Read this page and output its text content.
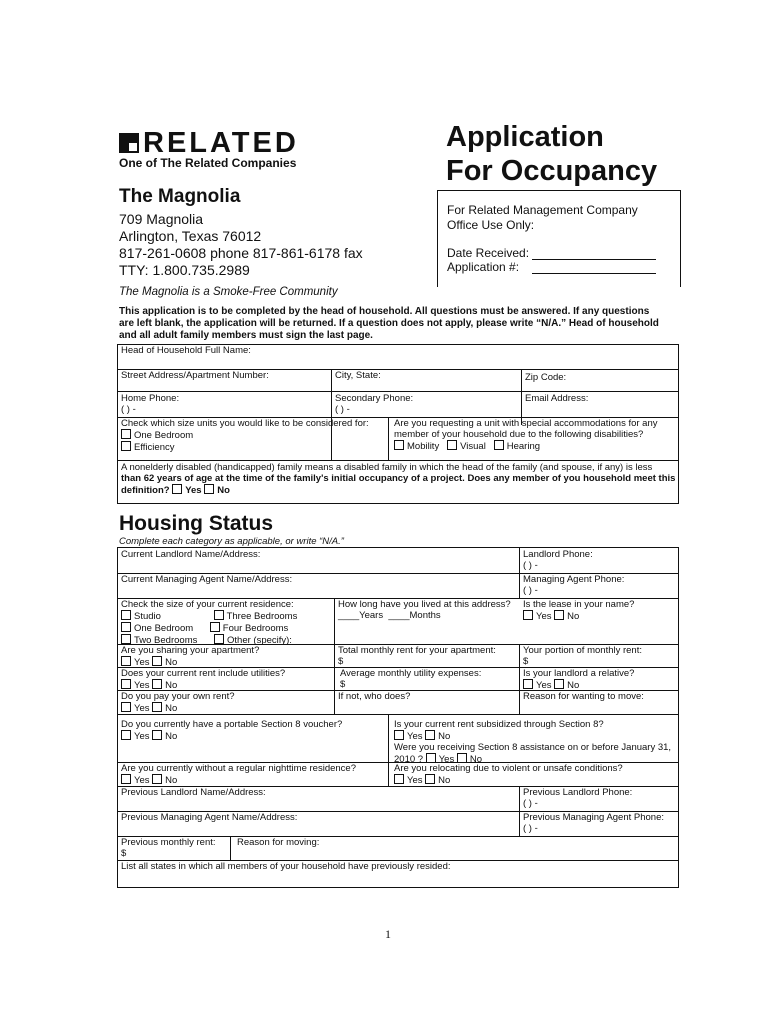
RELATED
One of The Related Companies
Application
For Occupancy
The Magnolia
709 Magnolia
Arlington, Texas 76012
817-261-0608 phone 817-861-6178 fax
TTY: 1.800.735.2989
The Magnolia is a Smoke-Free Community
For Related Management Company
Office Use Only:
Date Received:
Application #:
This application is to be completed by the head of household. All questions must be answered. If any questions are left blank, the application will be returned. If a question does not apply, please write “N/A.” Head of household and all adult family members must sign the last page.
Head of Household Full Name:
Street Address/Apartment Number:	City, State:	Zip Code:
Home Phone:
( ) -
Secondary Phone:
( ) -
Email Address:
Check which size units you would like to be considered for:
One Bedroom
Efficiency
Are you requesting a unit with special accommodations for any
member of your household due to the following disabilities?
Mobility Visual Hearing
A nonelderly disabled (handicapped) family means a disabled family in which the head of the family (and spouse, if any) is less
than 62 years of age at the time of the family's initial occupancy of a project. Does any member of you household meet this
definition? Yes No
Housing Status
Complete each category as applicable, or write “N/A.”
Current Landlord Name/Address:	Landlord Phone:
( ) -
Current Managing Agent Name/Address:	Managing Agent Phone:
( ) -
Check the size of your current residence:
Studio	Three Bedrooms
One Bedroom	Four Bedrooms
Two Bedrooms	Other (specify):
How long have you lived at this address?
____Years ____Months
Is the lease in your name?
Yes No
Are you sharing your apartment?
Yes No
Total monthly rent for your apartment:
$
Your portion of monthly rent:
$
Does your current rent include utilities?
Yes No
Average monthly utility expenses:
$
Is your landlord a relative?
Yes No
Do you pay your own rent?
Yes No
If not, who does?	Reason for wanting to move:
Do you currently have a portable Section 8 voucher?
Yes No
Is your current rent subsidized through Section 8?
Yes No
Were you receiving Section 8 assistance on or before January 31,
2010 ? Yes No
Are you currently without a regular nighttime residence?
Yes No
Are you relocating due to violent or unsafe conditions?
Yes No
Previous Landlord Name/Address:	Previous Landlord Phone:
( ) -
Previous Managing Agent Name/Address:	Previous Managing Agent Phone:
( ) -
Previous monthly rent:
$
Reason for moving:
List all states in which all members of your household have previously resided:
1
